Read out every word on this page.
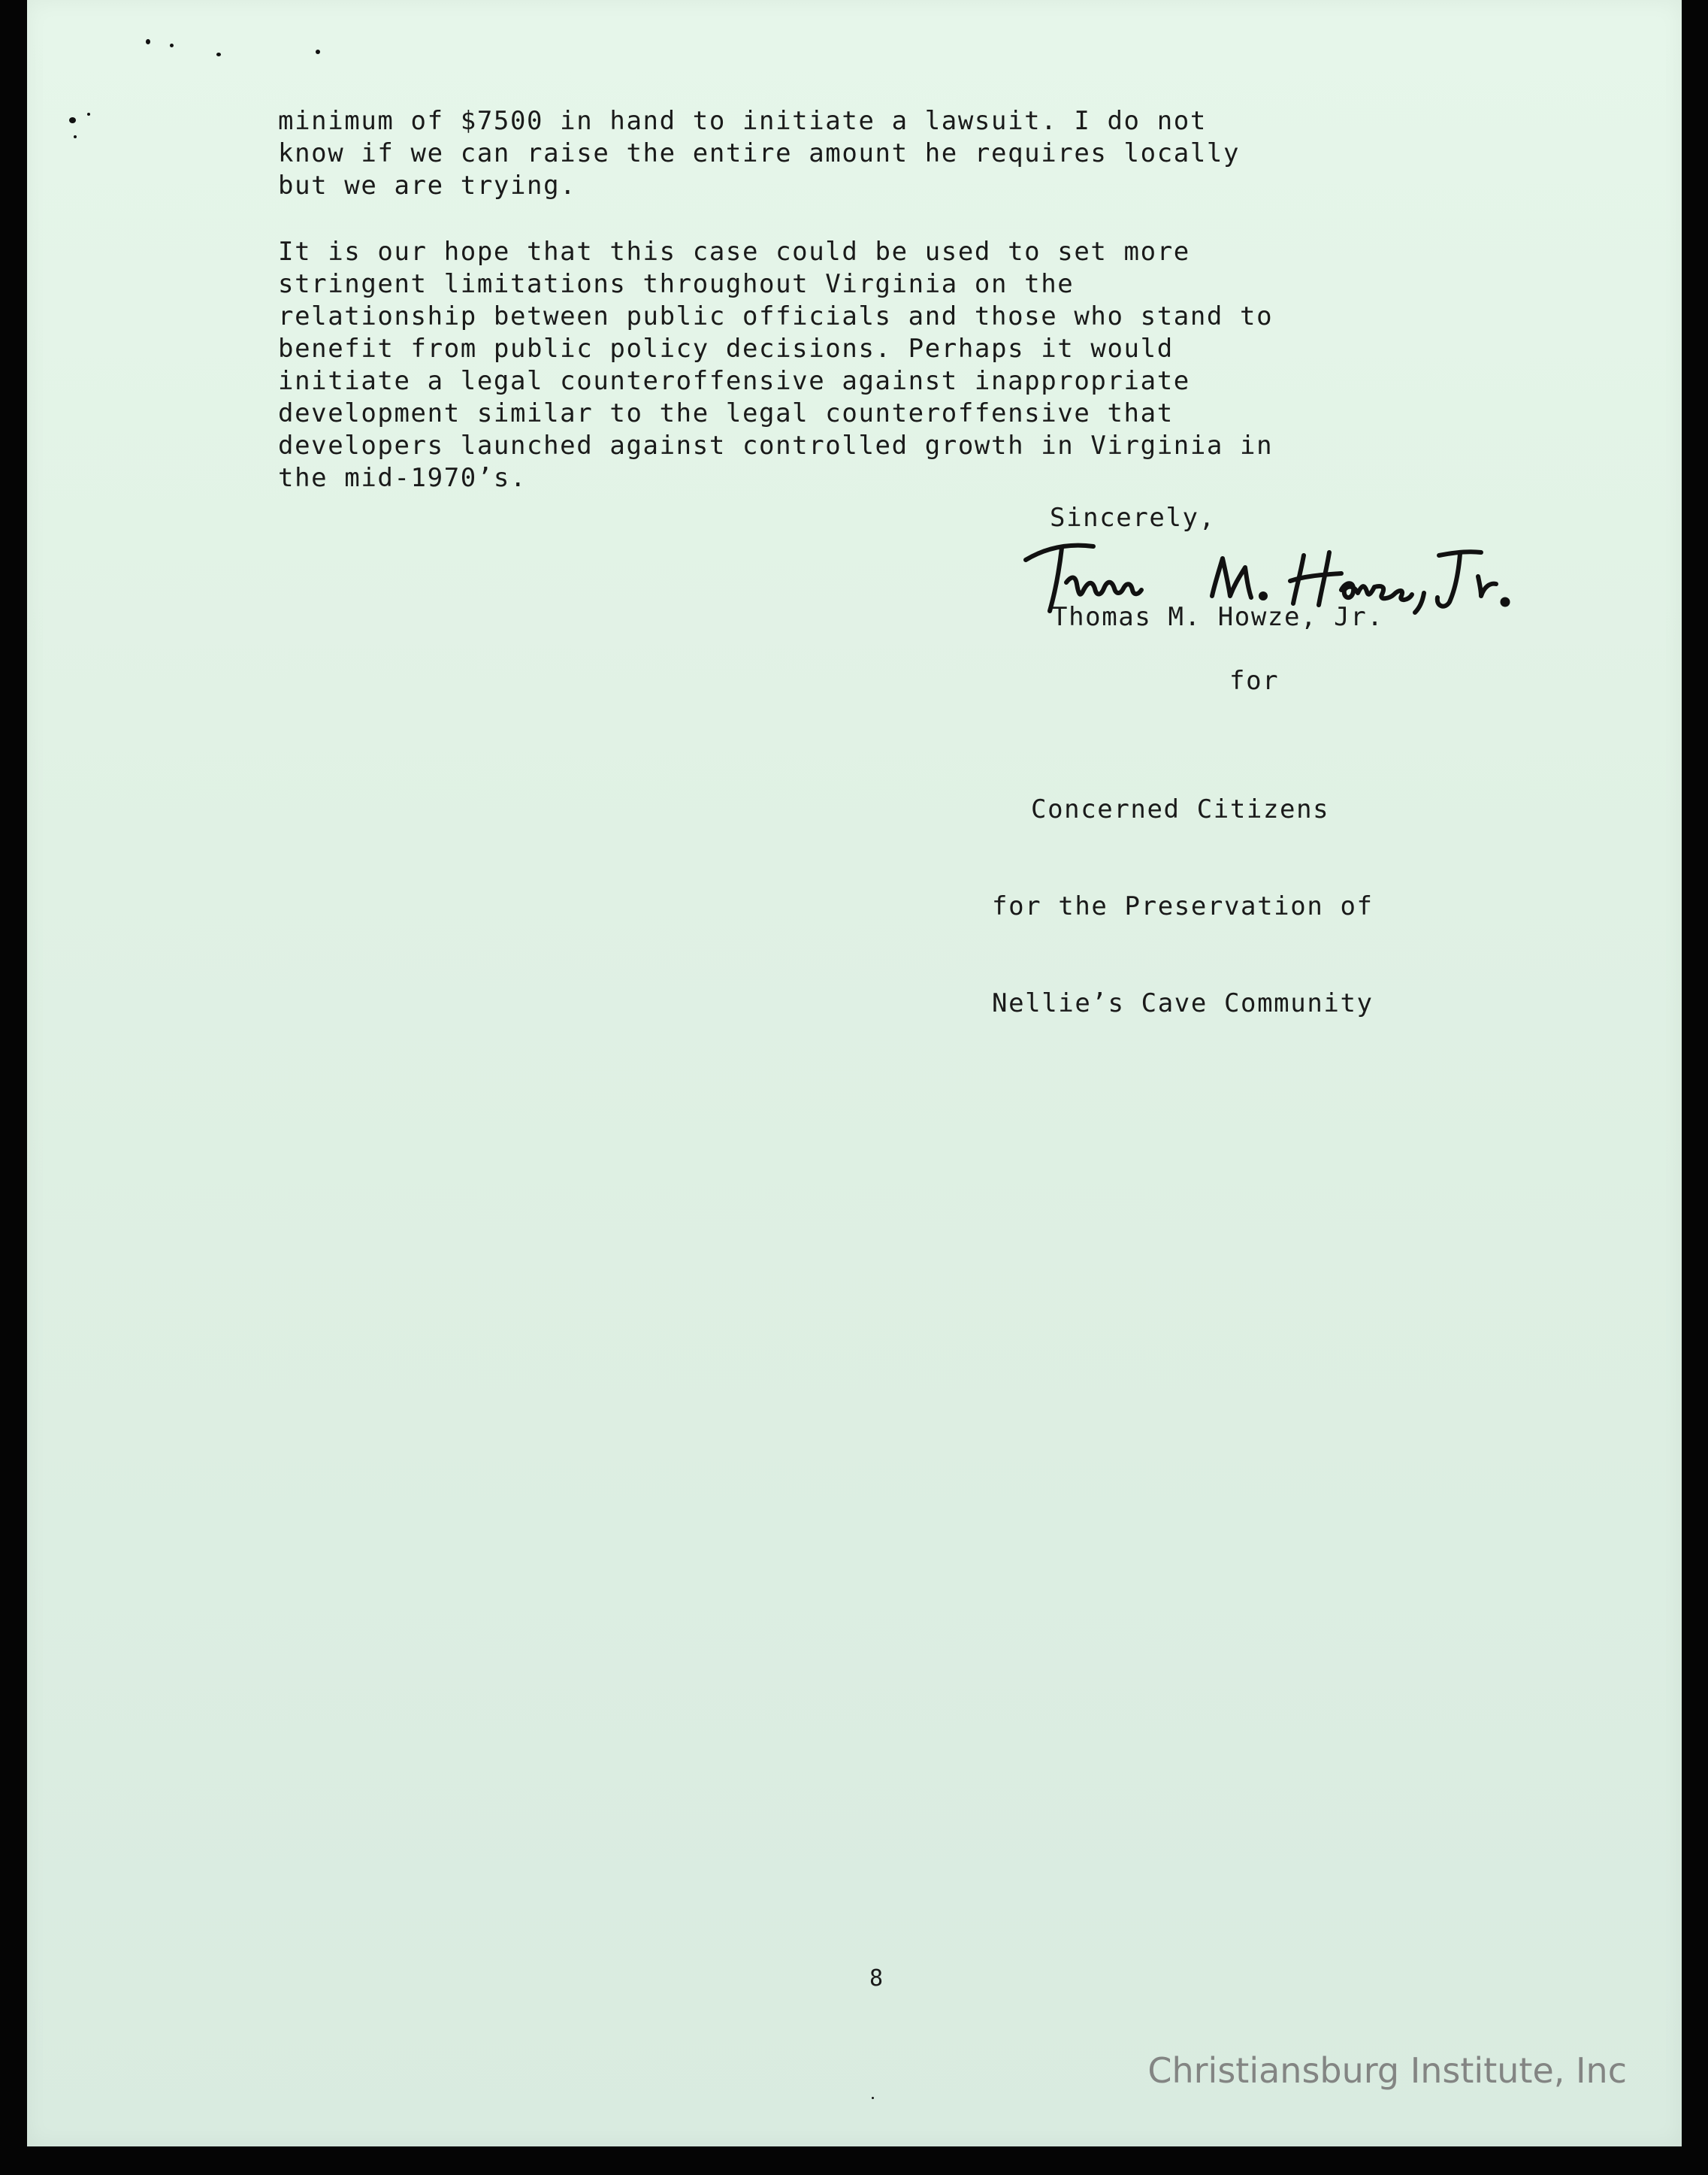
minimum of $7500 in hand to initiate a lawsuit. I do not

know if we can raise the entire amount he requires locally

but we are trying.

It is our hope that this case could be used to set more

stringent limitations throughout Virginia on the

relationship between public officials and those who stand to

benefit from public policy decisions. Perhaps it would

initiate a legal counteroffensive against inappropriate

development similar to the legal counteroffensive that

developers launched against controlled growth in Virginia in

the mid-1970’s.

Sincerely,
Thomas M. Howze, Jr.
for

Concerned Citizens

for the Preservation of

Nellie’s Cave Community

8
Christiansburg Institute, Inc
